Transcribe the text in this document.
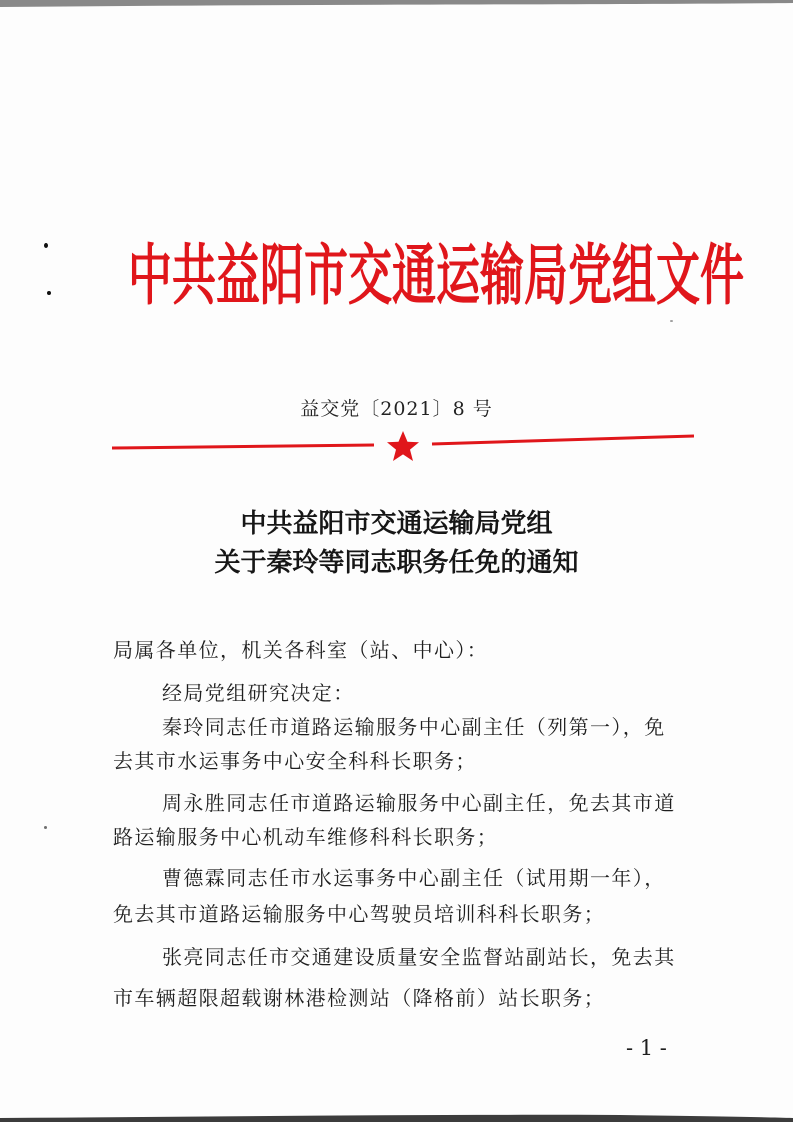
中共益阳市交通运输局党组文件
益交党〔2021〕8 号
中共益阳市交通运输局党组
关于秦玲等同志职务任免的通知

局属各单位，机关各科室（站、中心）：

经局党组研究决定：

秦玲同志任市道路运输服务中心副主任（列第一），免

去其市水运事务中心安全科科长职务；

周永胜同志任市道路运输服务中心副主任，免去其市道

路运输服务中心机动车维修科科长职务；

曹德霖同志任市水运事务中心副主任（试用期一年），

免去其市道路运输服务中心驾驶员培训科科长职务；

张亮同志任市交通建设质量安全监督站副站长，免去其

市车辆超限超载谢林港检测站（降格前）站长职务；

- 1 -
